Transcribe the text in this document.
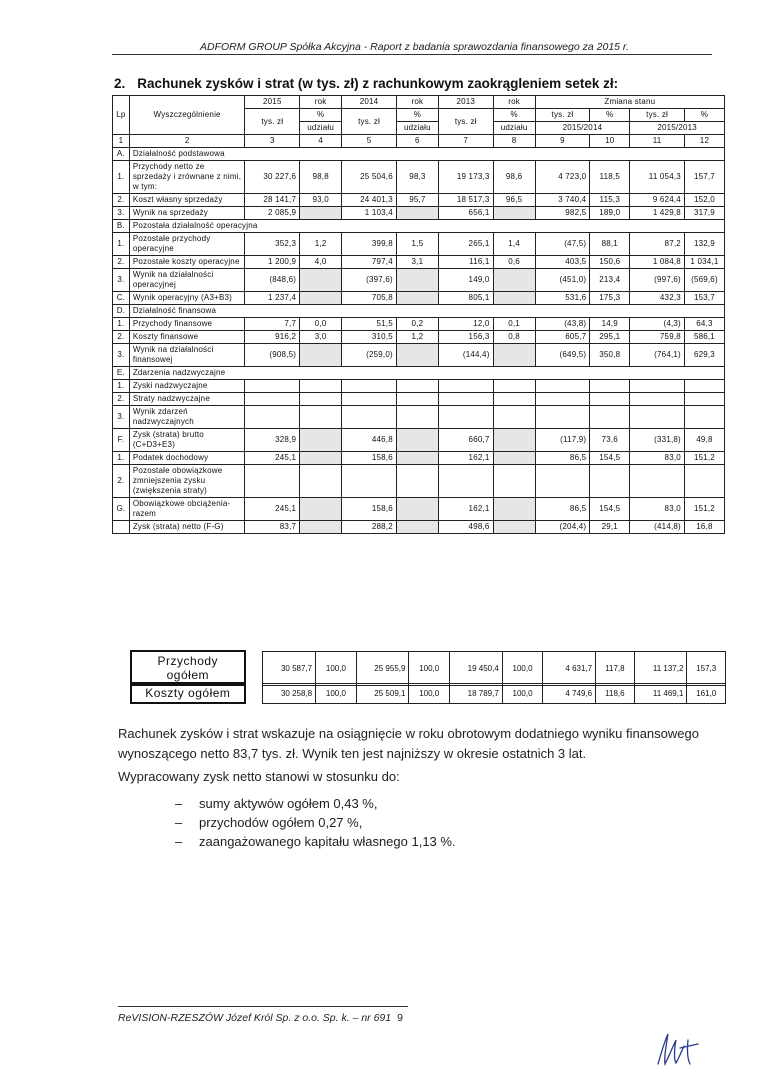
ADFORM GROUP Spółka Akcyjna - Raport z badania sprawozdania finansowego za 2015 r.
2. Rachunek zysków i strat (w tys. zł) z rachunkowym zaokrągleniem setek zł:
Lp	Wyszczególnienie	2015	rok	2014	rok	2013	rok	Zmiana stanu			
		tys. zł	%	tys. zł	%	tys. zł	%	tys. zł	%	tys. zł	%
			udziału		udziału		udziału	2015/2014		2015/2013	
1	2	3	4	5	6	7	8	9	10	11	12
A.	Działalność podstawowa										
1.	Przychody netto ze sprzedaży i zrównane z nimi, w tym:	30 227,6	98,8	25 504,6	98,3	19 173,3	98,6	4 723,0	118,5	11 054,3	157,7
2.	Koszt własny sprzedaży	28 141,7	93,0	24 401,3	95,7	18 517,3	96,5	3 740,4	115,3	9 624,4	152,0
3.	Wynik na sprzedaży	2 085,9		1 103,4		656,1		982,5	189,0	1 429,8	317,9
B.	Pozostała działalność operacyjna										
1.	Pozostałe przychody operacyjne	352,3	1,2	399,8	1,5	265,1	1,4	(47,5)	88,1	87,2	132,9
2.	Pozostałe koszty operacyjne	1 200,9	4,0	797,4	3,1	116,1	0,6	403,5	150,6	1 084,8	1 034,1
3.	Wynik na działalności operacyjnej	(848,6)		(397,6)		149,0		(451,0)	213,4	(997,6)	(569,6)
C.	Wynik operacyjny (A3+B3)	1 237,4		705,8		805,1		531,6	175,3	432,3	153,7
D.	Działalność finansowa										
1.	Przychody finansowe	7,7	0,0	51,5	0,2	12,0	0,1	(43,8)	14,9	(4,3)	64,3
2.	Koszty finansowe	916,2	3,0	310,5	1,2	156,3	0,8	605,7	295,1	759,8	586,1
3.	Wynik na działalności finansowej	(908,5)		(259,0)		(144,4)		(649,5)	350,8	(764,1)	629,3
E.	Zdarzenia nadzwyczajne										
1.	Zyski nadzwyczajne										
2.	Straty nadzwyczajne										
3.	Wynik zdarzeń nadzwyczajnych										
F.	Zysk (strata) brutto (C+D3+E3)	328,9		446,8		660,7		(117,9)	73,6	(331,8)	49,8
1.	Podatek dochodowy	245,1		158,6		162,1		86,5	154,5	83,0	151,2
2.	Pozostałe obowiązkowe zmniejszenia zysku (zwiększenia straty)										
G.	Obowiązkowe obciążenia-razem	245,1		158,6		162,1		86,5	154,5	83,0	151,2
	Zysk (strata) netto (F-G)	83,7		288,2		498,6		(204,4)	29,1	(414,8)	16,8
Przychody ogółem		30 587,7	100,0	25 955,9	100,0	19 450,4	100,0	4 631,7	117,8	11 137,2	157,3
Koszty ogółem		30 258,8	100,0	25 509,1	100,0	18 789,7	100,0	4 749,6	118,6	11 469,1	161,0
Rachunek zysków i strat wskazuje na osiągnięcie w roku obrotowym dodatniego wyniku finansowego wynoszącego netto 83,7 tys. zł. Wynik ten jest najniższy w okresie ostatnich 3 lat.
Wypracowany zysk netto stanowi w stosunku do:
– sumy aktywów ogółem 0,43 %,
– przychodów ogółem 0,27 %,
– zaangażowanego kapitału własnego 1,13 %.
ReVISION-RZESZÓW Józef Król Sp. z o.o. Sp. k. – nr 691 9
